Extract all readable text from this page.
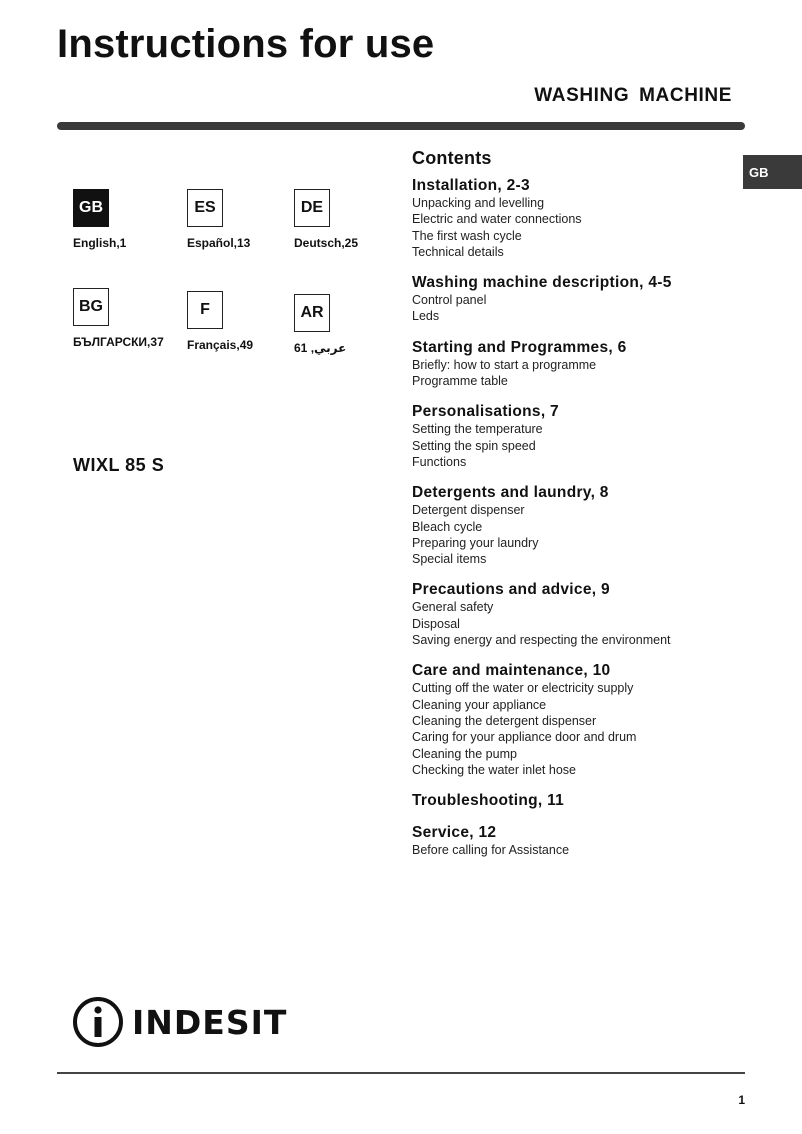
Instructions for use
WASHING MACHINE
GB
GB
English,1
ES
Español,13
DE
Deutsch,25
BG
БЪЛГАРСКИ,37
F
Français,49
AR
عربي, 61
WIXL 85 S
Contents
Installation, 2-3
Unpacking and levelling
Electric and water connections
The first wash cycle
Technical details
Washing machine description, 4-5
Control panel
Leds
Starting and Programmes, 6
Briefly: how to start a programme
Programme table
Personalisations, 7
Setting the temperature
Setting the spin speed
Functions
Detergents and laundry, 8
Detergent dispenser
Bleach cycle
Preparing your laundry
Special items
Precautions and advice, 9
General safety
Disposal
Saving energy and respecting the environment
Care and maintenance, 10
Cutting off the water or electricity supply
Cleaning your appliance
Cleaning the detergent dispenser
Caring for your appliance door and drum
Cleaning the pump
Checking the water inlet hose
Troubleshooting, 11
Service, 12
Before calling for Assistance
INDESIT
1
